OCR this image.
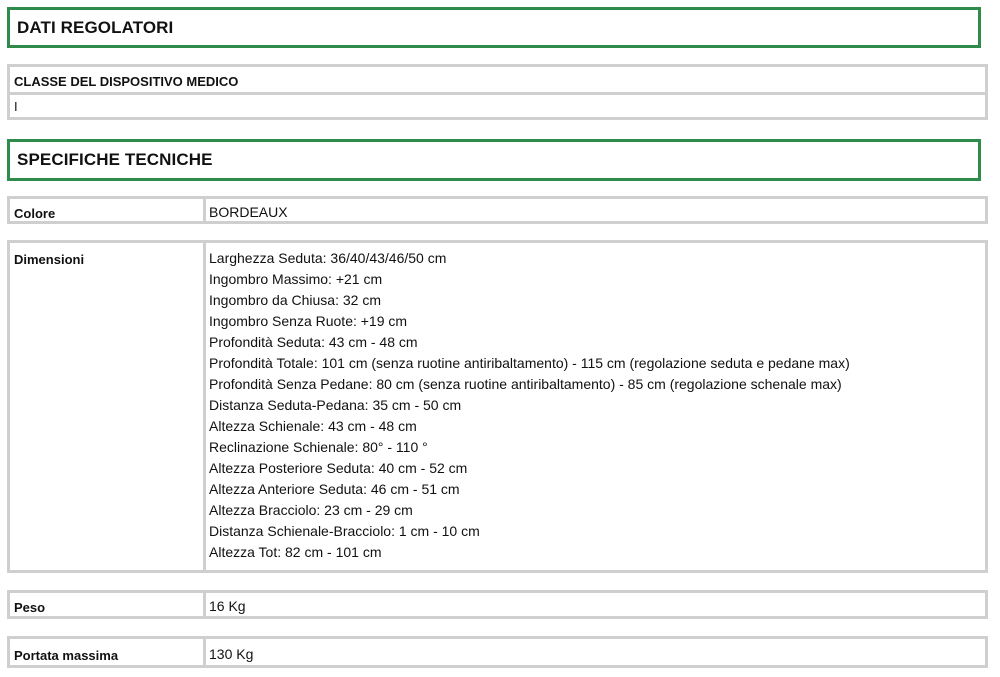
DATI REGOLATORI
CLASSE DEL DISPOSITIVO MEDICO
I
SPECIFICHE TECNICHE
Colore	BORDEAUX
Dimensioni	Larghezza Seduta: 36/40/43/46/50 cm
Ingombro Massimo: +21 cm
Ingombro da Chiusa: 32 cm
Ingombro Senza Ruote: +19 cm
Profondità Seduta: 43 cm - 48 cm
Profondità Totale: 101 cm (senza ruotine antiribaltamento) - 115 cm (regolazione seduta e pedane max)
Profondità Senza Pedane: 80 cm (senza ruotine antiribaltamento) - 85 cm (regolazione schenale max)
Distanza Seduta-Pedana: 35 cm - 50 cm
Altezza Schienale: 43 cm - 48 cm
Reclinazione Schienale: 80° - 110 °
Altezza Posteriore Seduta: 40 cm - 52 cm
Altezza Anteriore Seduta: 46 cm - 51 cm
Altezza Bracciolo: 23 cm - 29 cm
Distanza Schienale-Bracciolo: 1 cm - 10 cm
Altezza Tot: 82 cm - 101 cm
Peso	16 Kg
Portata massima	130 Kg
